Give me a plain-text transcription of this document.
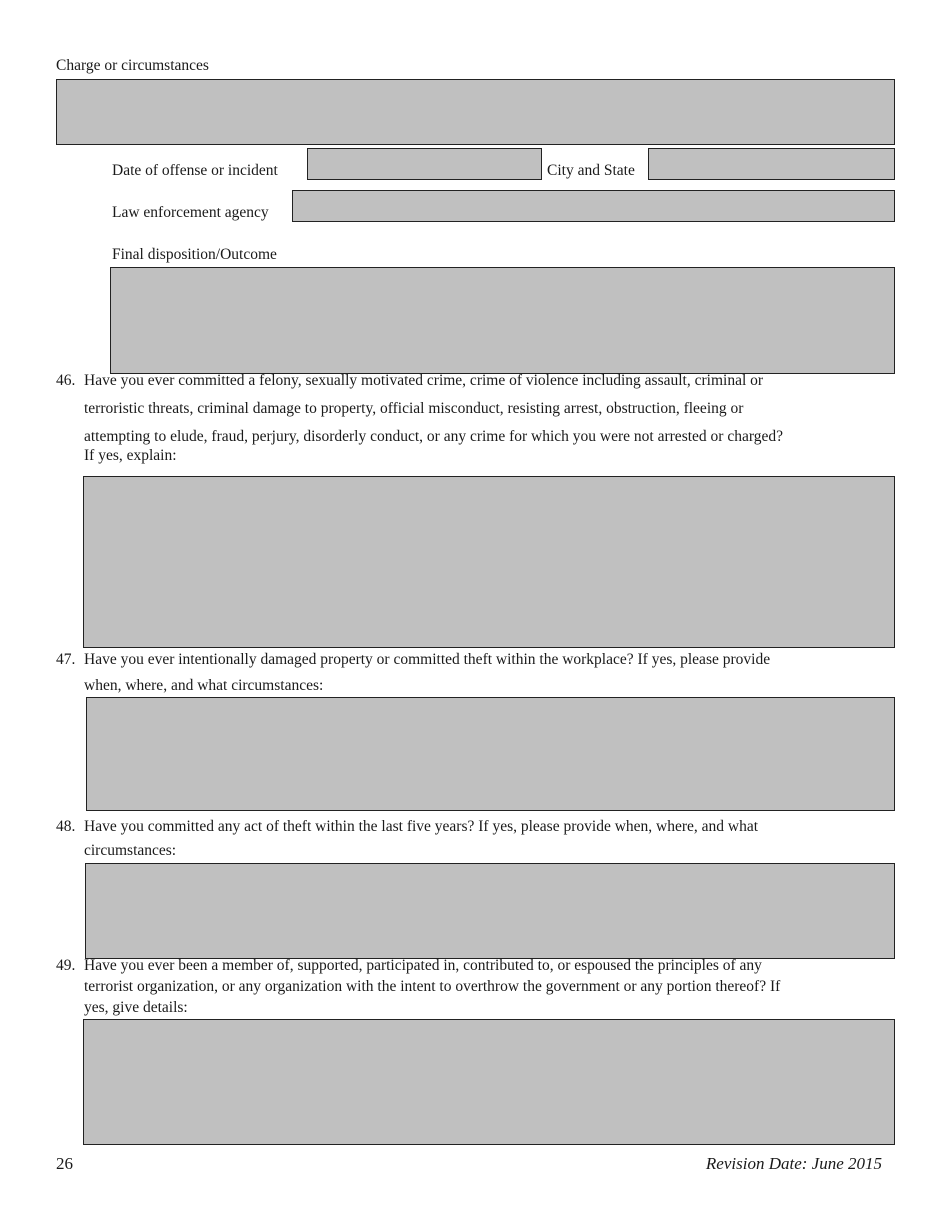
Charge or circumstances
Date of offense or incident	City and State
Law enforcement agency
Final disposition/Outcome
46. Have you ever committed a felony, sexually motivated crime, crime of violence including assault, criminal or
terroristic threats, criminal damage to property, official misconduct, resisting arrest, obstruction, fleeing or
attempting to elude, fraud, perjury, disorderly conduct, or any crime for which you were not arrested or charged?
If yes, explain:
47. Have you ever intentionally damaged property or committed theft within the workplace? If yes, please provide
when, where, and what circumstances:
48. Have you committed any act of theft within the last five years? If yes, please provide when, where, and what
circumstances:
49. Have you ever been a member of, supported, participated in, contributed to, or espoused the principles of any
terrorist organization, or any organization with the intent to overthrow the government or any portion thereof? If
yes, give details:
26	Revision Date: June 2015
